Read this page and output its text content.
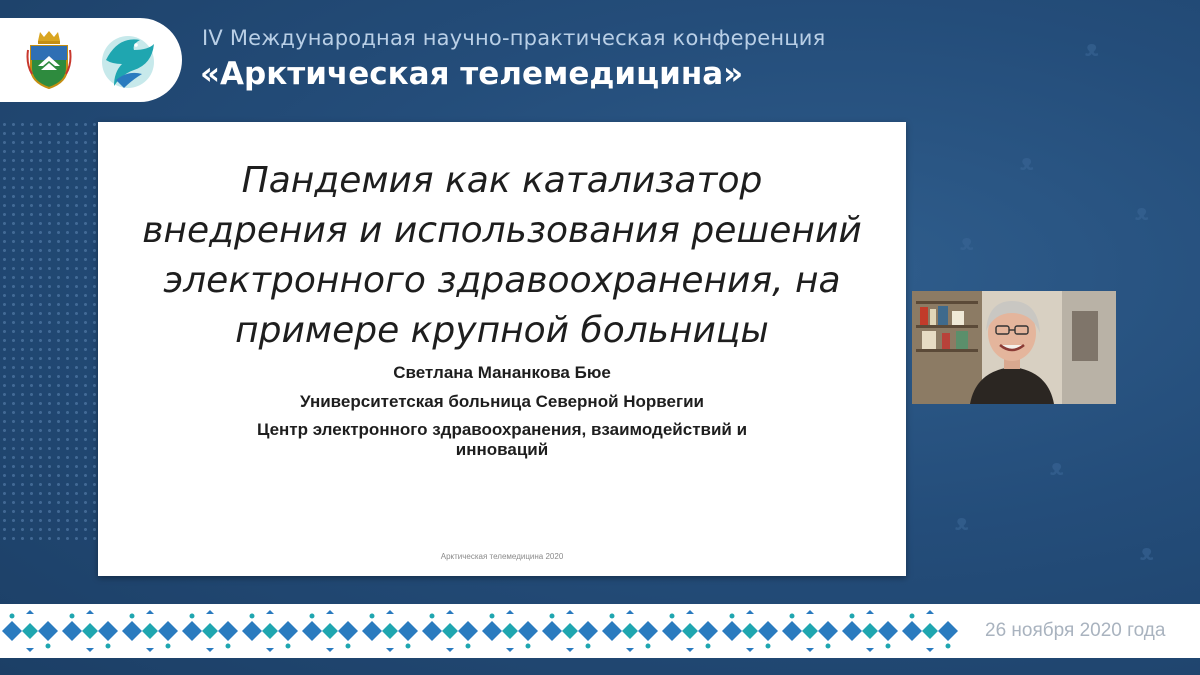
ᴥ
ᴥ
ᴥ
ᴥ
ᴥ
ᴥ
ᴥ
IV Международная научно-практическая конференция
«Арктическая телемедицина»
Пандемия как катализатор
внедрения и использования решений
электронного здравоохранения, на
примере крупной больницы
Светлана Мананкова Бюе
Университетская больница Северной Норвегии
Центр электронного здравоохранения, взаимодействий и
инноваций
Арктическая телемедицина 2020
26 ноября 2020 года
